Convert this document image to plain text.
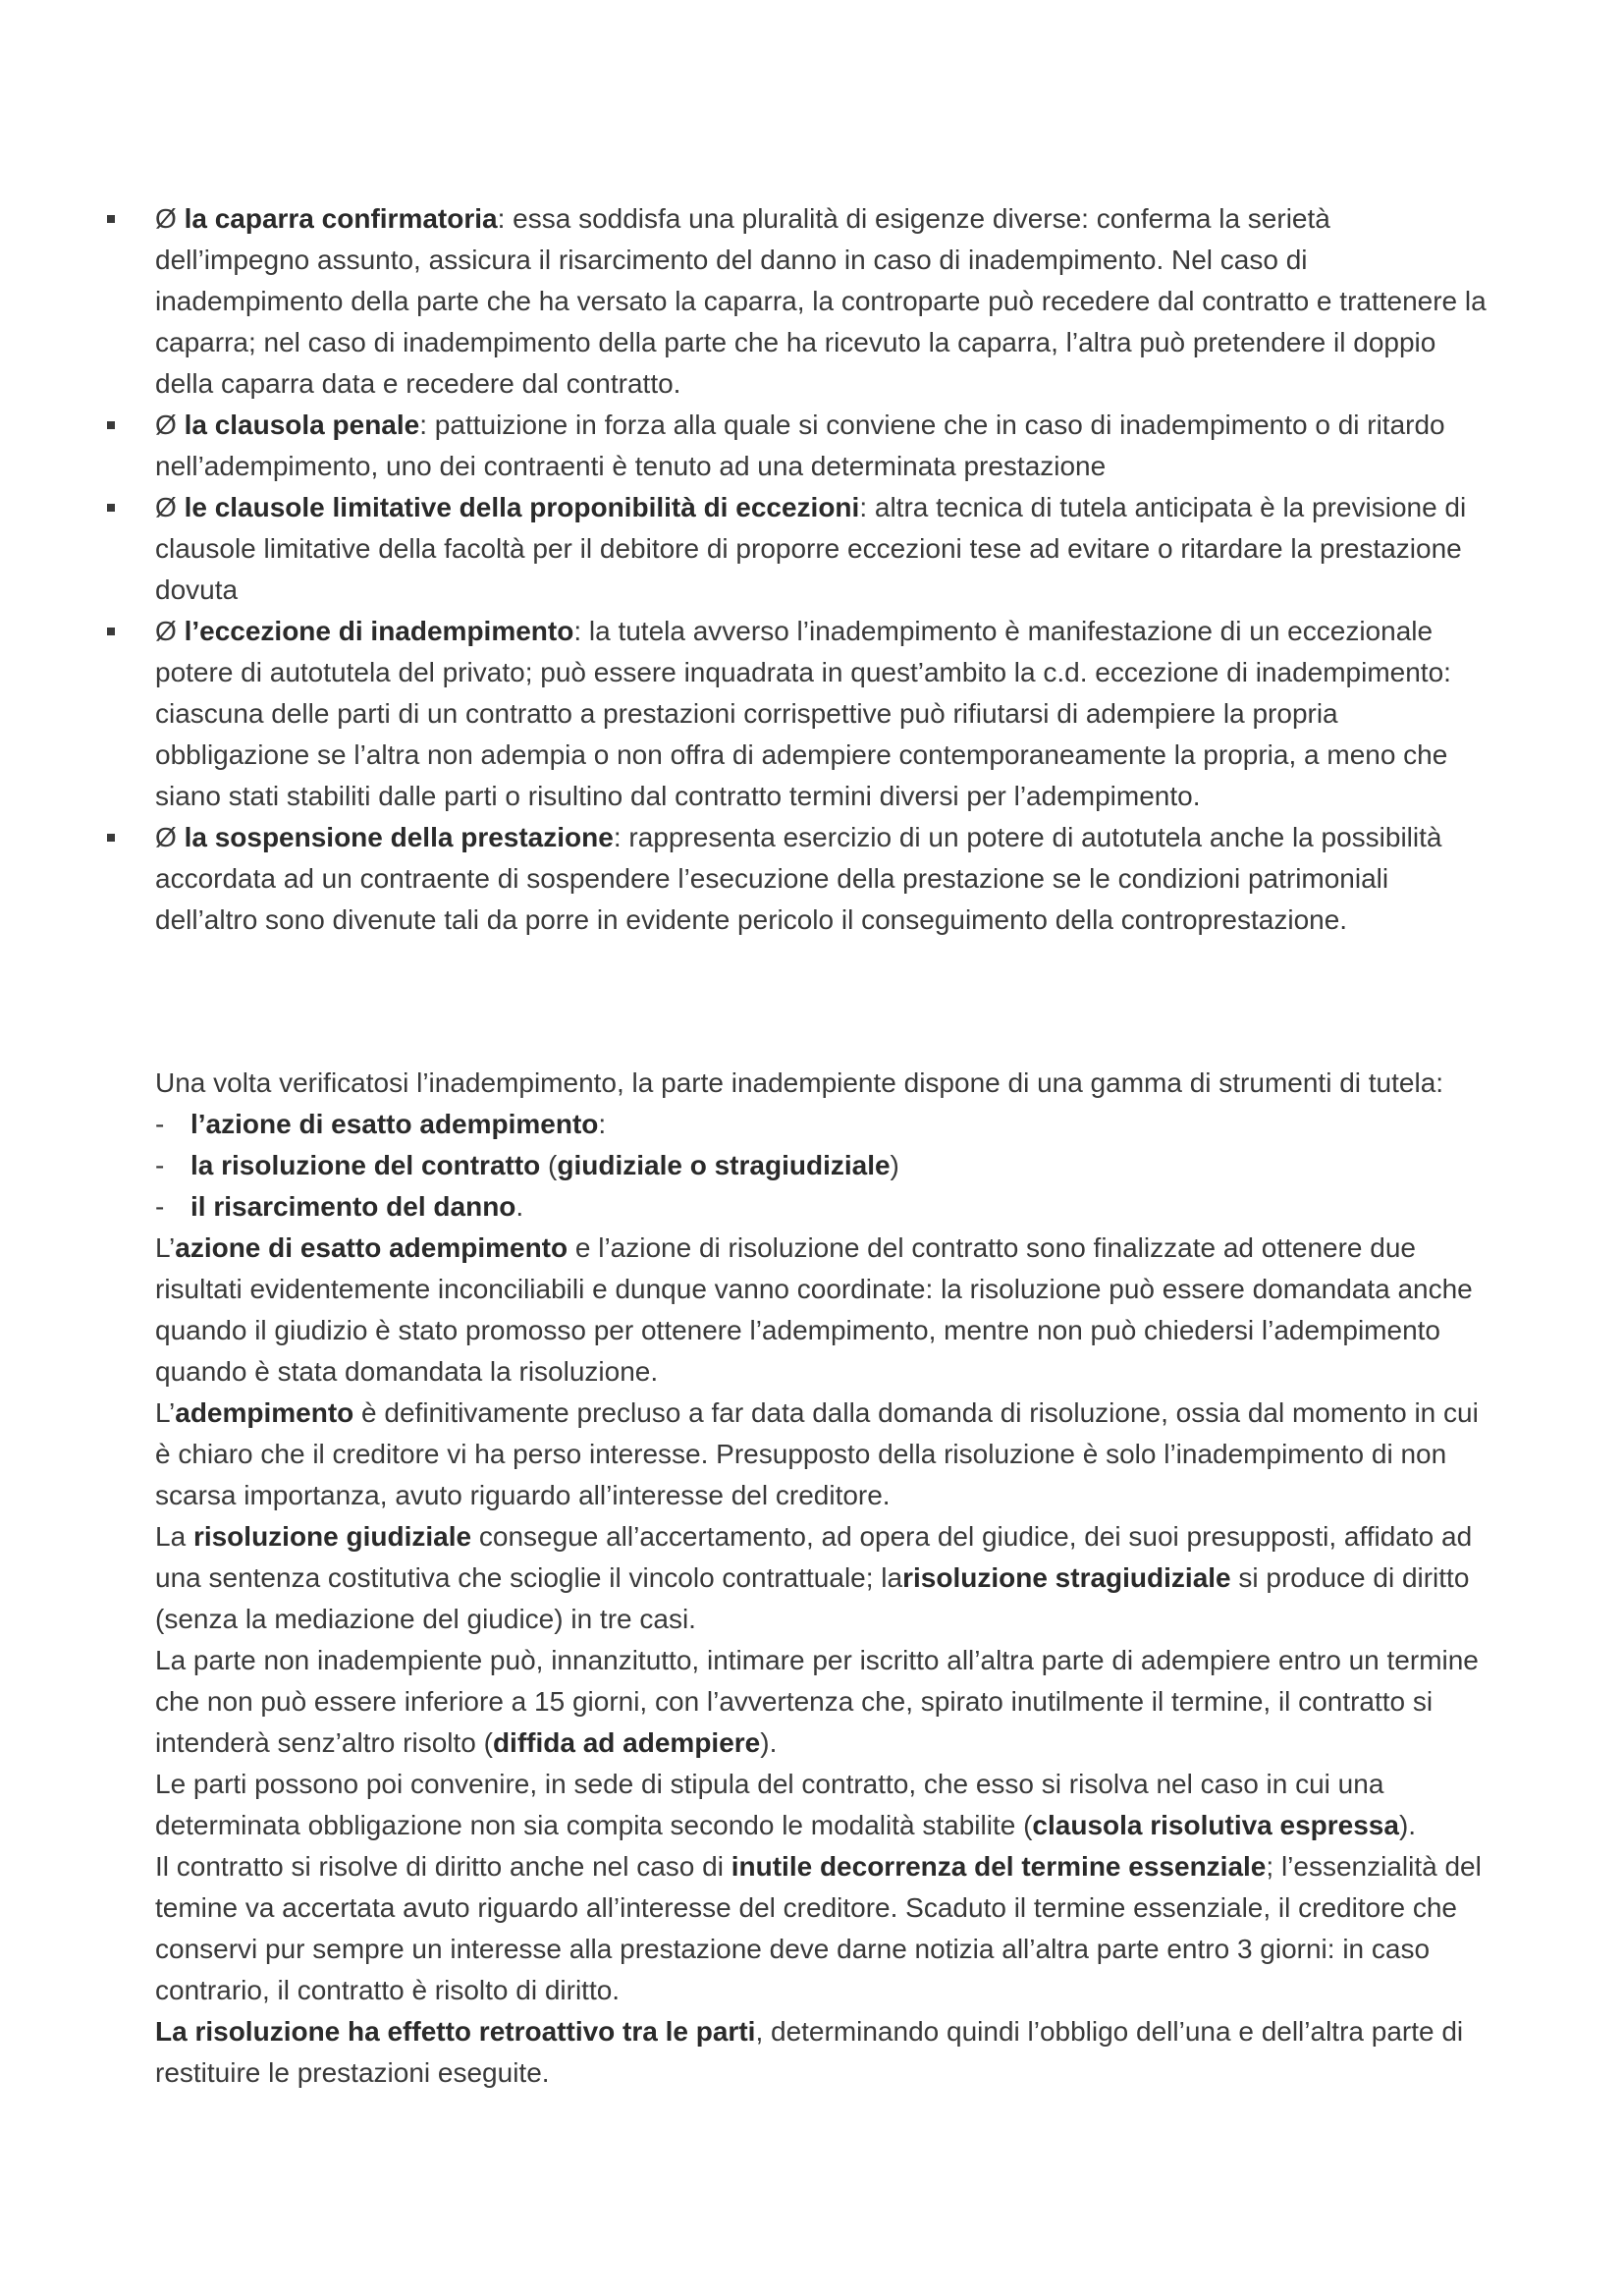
Ø la caparra confirmatoria: essa soddisfa una pluralità di esigenze diverse: conferma la serietà dell’impegno assunto, assicura il risarcimento del danno in caso di inadempimento. Nel caso di inadempimento della parte che ha versato la caparra, la controparte può recedere dal contratto e trattenere la caparra; nel caso di inadempimento della parte che ha ricevuto la caparra, l’altra può pretendere il doppio della caparra data e recedere dal contratto.
Ø la clausola penale: pattuizione in forza alla quale si conviene che in caso di inadempimento o di ritardo nell’adempimento, uno dei contraenti è tenuto ad una determinata prestazione
Ø le clausole limitative della proponibilità di eccezioni: altra tecnica di tutela anticipata è la previsione di clausole limitative della facoltà per il debitore di proporre eccezioni tese ad evitare o ritardare la prestazione dovuta
Ø l’eccezione di inadempimento: la tutela avverso l’inadempimento è manifestazione di un eccezionale potere di autotutela del privato; può essere inquadrata in quest’ambito la c.d. eccezione di inadempimento: ciascuna delle parti di un contratto a prestazioni corrispettive può rifiutarsi di adempiere la propria obbligazione se l’altra non adempia o non offra di adempiere contemporaneamente la propria, a meno che siano stati stabiliti dalle parti o risultino dal contratto termini diversi per l’adempimento.
Ø la sospensione della prestazione: rappresenta esercizio di un potere di autotutela anche la possibilità accordata ad un contraente di sospendere l’esecuzione della prestazione se le condizioni patrimoniali dell’altro sono divenute tali da porre in evidente pericolo il conseguimento della controprestazione.

Una volta verificatosi l’inadempimento, la parte inadempiente dispone di una gamma di strumenti di tutela:

- l’azione di esatto adempimento:
- la risoluzione del contratto (giudiziale o stragiudiziale)
- il risarcimento del danno.

L’azione di esatto adempimento e l’azione di risoluzione del contratto sono finalizzate ad ottenere due risultati evidentemente inconciliabili e dunque vanno coordinate: la risoluzione può essere domandata anche quando il giudizio è stato promosso per ottenere l’adempimento, mentre non può chiedersi l’adempimento quando è stata domandata la risoluzione.

L’adempimento è definitivamente precluso a far data dalla domanda di risoluzione, ossia dal momento in cui è chiaro che il creditore vi ha perso interesse. Presupposto della risoluzione è solo l’inadempimento di non scarsa importanza, avuto riguardo all’interesse del creditore.

La risoluzione giudiziale consegue all’accertamento, ad opera del giudice, dei suoi presupposti, affidato ad una sentenza costitutiva che scioglie il vincolo contrattuale; larisoluzione stragiudiziale si produce di diritto (senza la mediazione del giudice) in tre casi.

La parte non inadempiente può, innanzitutto, intimare per iscritto all’altra parte di adempiere entro un termine che non può essere inferiore a 15 giorni, con l’avvertenza che, spirato inutilmente il termine, il contratto si intenderà senz’altro risolto (diffida ad adempiere).

Le parti possono poi convenire, in sede di stipula del contratto, che esso si risolva nel caso in cui una determinata obbligazione non sia compita secondo le modalità stabilite (clausola risolutiva espressa).

Il contratto si risolve di diritto anche nel caso di inutile decorrenza del termine essenziale; l’essenzialità del temine va accertata avuto riguardo all’interesse del creditore. Scaduto il termine essenziale, il creditore che conservi pur sempre un interesse alla prestazione deve darne notizia all’altra parte entro 3 giorni: in caso contrario, il contratto è risolto di diritto.

La risoluzione ha effetto retroattivo tra le parti, determinando quindi l’obbligo dell’una e dell’altra parte di restituire le prestazioni eseguite.
